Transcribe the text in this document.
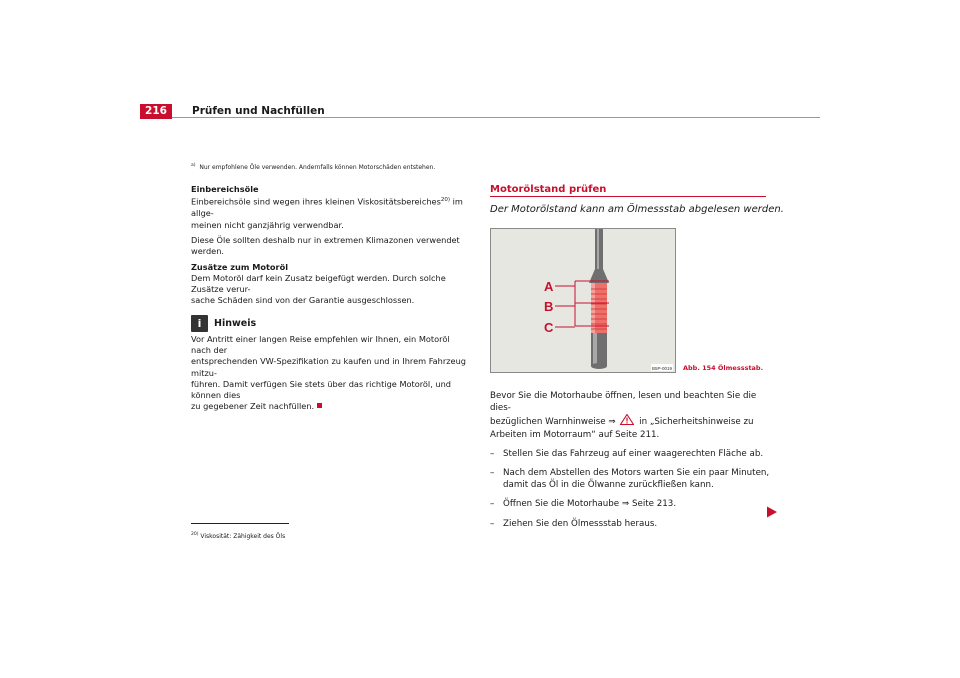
216	Prüfen und Nachfüllen
$^{a)}$ Nur empfohlene Öle verwenden. Andernfalls können Motorschäden entstehen.

Einbereichsöle

Einbereichsöle sind wegen ihres kleinen Viskositätsbereiches$^{20)}$ im allge-
meinen nicht ganzjährig verwendbar.

Diese Öle sollten deshalb nur in extremen Klimazonen verwendet werden.

Zusätze zum Motoröl

Dem Motoröl darf kein Zusatz beigefügt werden. Durch solche Zusätze verur-
sache Schäden sind von der Garantie ausgeschlossen.

i	Hinweis

Vor Antritt einer langen Reise empfehlen wir Ihnen, ein Motoröl nach der
entsprechenden VW-Spezifikation zu kaufen und in Ihrem Fahrzeug mitzu-
führen. Damit verfügen Sie stets über das richtige Motoröl, und können dies
zu gegebener Zeit nachfüllen.

$^{20)}$ Viskosität: Zähigkeit des Öls
Motorölstand prüfen
Der Motorölstand kann am Ölmessstab abgelesen werden.
A
B
C
B5P-0019 Abb. 154 Ölmessstab.

Bevor Sie die Motorhaube öffnen, lesen und beachten Sie die dies-
bezüglichen Warnhinweise ⇒  in „Sicherheitshinweise zu
Arbeiten im Motorraum“ auf Seite 211.

– Stellen Sie das Fahrzeug auf einer waagerechten Fläche ab.
– Nach dem Abstellen des Motors warten Sie ein paar Minuten,
damit das Öl in die Ölwanne zurückfließen kann.
– Öffnen Sie die Motorhaube ⇒ Seite 213.
– Ziehen Sie den Ölmessstab heraus.
